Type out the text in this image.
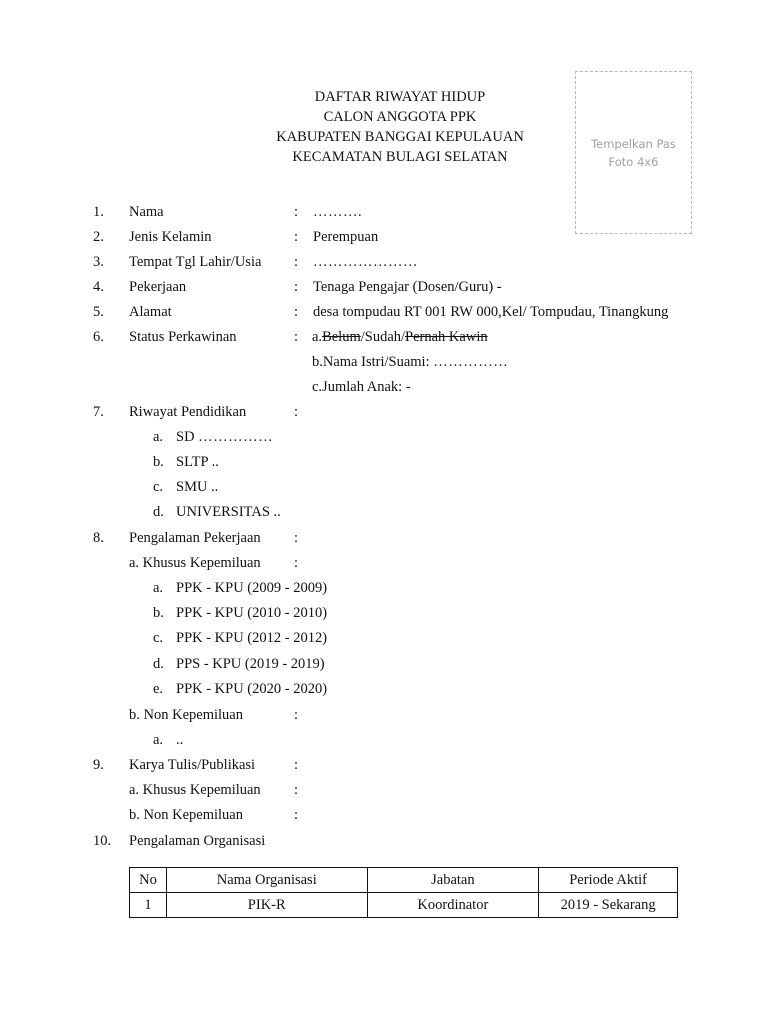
DAFTAR RIWAYAT HIDUP
CALON ANGGOTA PPK
KABUPATEN BANGGAI KEPULAUAN
KECAMATAN BULAGI SELATAN
Tempelkan Pas
Foto 4x6
1. Nama	: ……….
2. Jenis Kelamin	: Perempuan
3. Tempat Tgl Lahir/Usia : …………………
4. Pekerjaan	: Tenaga Pengajar (Dosen/Guru) -
5. Alamat	: desa tompudau RT 001 RW 000,Kel/ Tompudau, Tinangkung
6. Status Perkawinan	: a.Belum/Sudah/Pernah Kawin
b.Nama Istri/Suami: ……………
c.Jumlah Anak: -
7. Riwayat Pendidikan	:
a. SD ……………
b. SLTP ..
c. SMU ..
d. UNIVERSITAS ..
8. Pengalaman Pekerjaan :
a. Khusus Kepemiluan :
a. PPK - KPU (2009 - 2009)
b. PPK - KPU (2010 - 2010)
c. PPK - KPU (2012 - 2012)
d. PPS - KPU (2019 - 2019)
e. PPK - KPU (2020 - 2020)
b. Non Kepemiluan	:
a. ..
9. Karya Tulis/Publikasi	:
a. Khusus Kepemiluan :
b. Non Kepemiluan	:
10. Pengalaman Organisasi
No	Nama Organisasi	Jabatan	Periode Aktif
1	PIK-R	Koordinator	2019 - Sekarang
